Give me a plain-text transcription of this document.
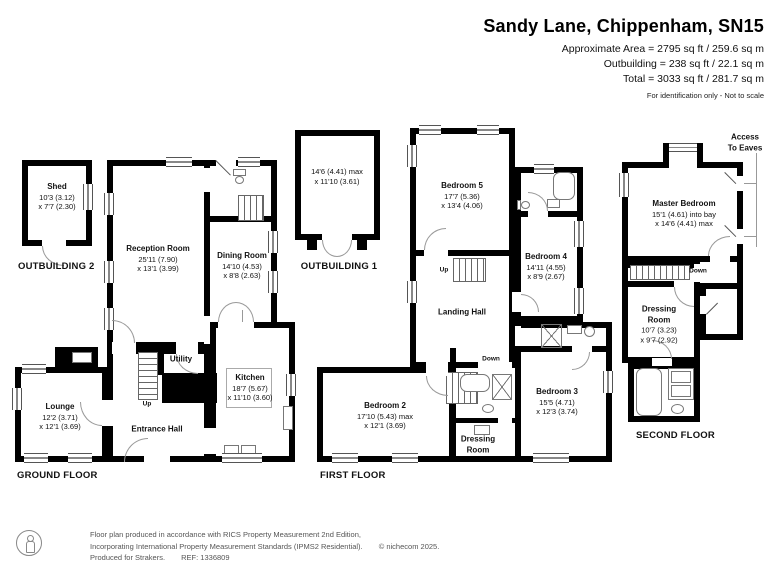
Sandy Lane, Chippenham, SN15
Approximate Area = 2795 sq ft / 259.6 sq m
Outbuilding = 238 sq ft / 22.1 sq m
Total = 3033 sq ft / 281.7 sq m
For identification only - Not to scale
Shed
10'3 (3.12)
x 7'7 (2.30)
OUTBUILDING 2
Reception Room
25'11 (7.90)
x 13'1 (3.99)
Dining Room
14'10 (4.53)
x 8'8 (2.63)
Kitchen
18'7 (5.67)
x 11'10 (3.60)
Lounge
12'2 (3.71)
x 12'1 (3.69)	Entrance Hall
Utility
Up
GROUND FLOOR
14'6 (4.41) max
x 11'10 (3.61)
OUTBUILDING 1	Up
Down
Bedroom 5
17'7 (5.36)
x 13'4 (4.06)
Bedroom 4
14'11 (4.55)
x 8'9 (2.67)
Landing Hall
Bedroom 2
17'10 (5.43) max
x 12'1 (3.69)
Bedroom 3
15'5 (4.71)
x 12'3 (3.74)
Dressing Room
FIRST FLOOR
Down
Master Bedroom
15'1 (4.61) into bay
x 14'6 (4.41) max
Dressing Room
10'7 (3.23)
x 9'7 (2.92)
Access
To Eaves
SECOND FLOOR
Floor plan produced in accordance with RICS Property Measurement 2nd Edition,
Incorporating International Property Measurement Standards (IPMS2 Residential). © nichecom 2025.
Produced for Strakers. REF: 1336809
